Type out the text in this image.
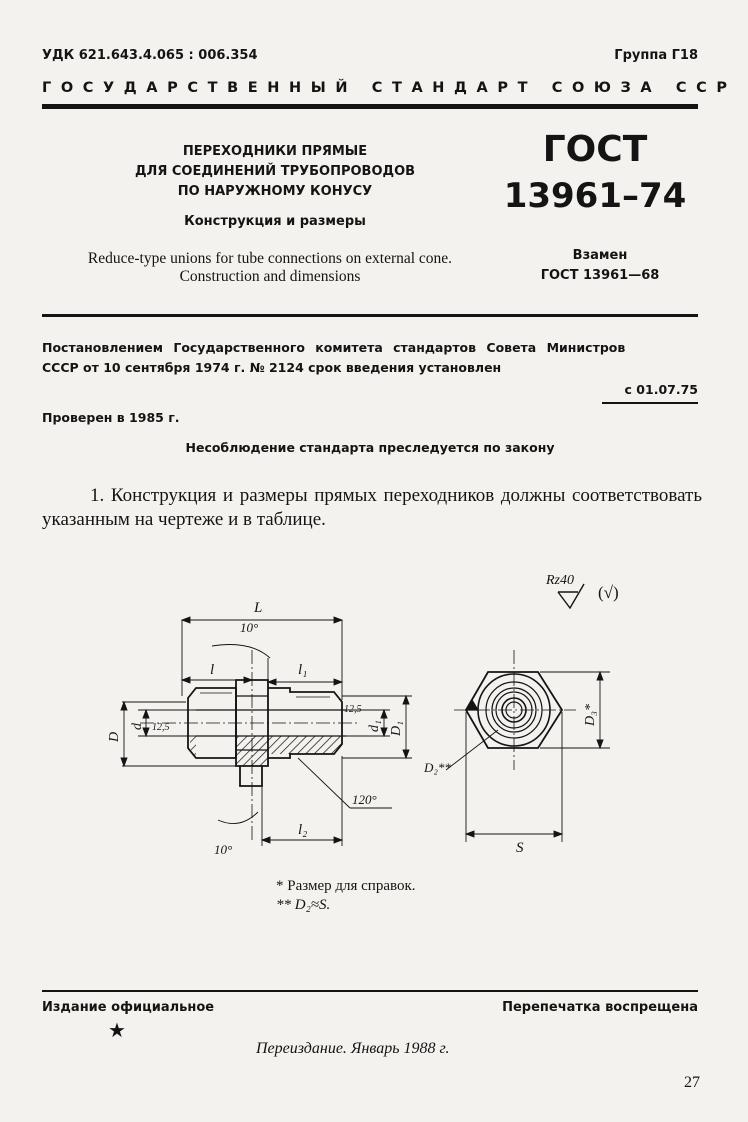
УДК 621.643.4.065 : 006.354	Группа Г18
ГОСУДАРСТВЕННЫЙ СТАНДАРТ СОЮЗА ССР
ПЕРЕХОДНИКИ ПРЯМЫЕ
ДЛЯ СОЕДИНЕНИЙ ТРУБОПРОВОДОВ
ПО НАРУЖНОМУ КОНУСУ
Конструкция и размеры
Reduce-type unions for tube connections on external cone.
Construction and dimensions
ГОСТ
13961–74
Взамен
ГОСТ 13961—68
Постановлением Государственного комитета стандартов Совета Министров
СССР от 10 сентября 1974 г. № 2124 срок введения установлен
с 01.07.75
Проверен в 1985 г.
Несоблюдение стандарта преследуется по закону
1. Конструкция и размеры прямых переходников должны соответствовать указанным на чертеже и в таблице.
L
l	l₁
l₂
10°
10°
120°
S
D₂**
Rz40
(√)
12,5
12,5
D
d	d₁ D₁
D₃*
* Размер для справок.
** D₂≈S.
Издание официальное	Перепечатка воспрещена
★
Переиздание. Январь 1988 г.
27
